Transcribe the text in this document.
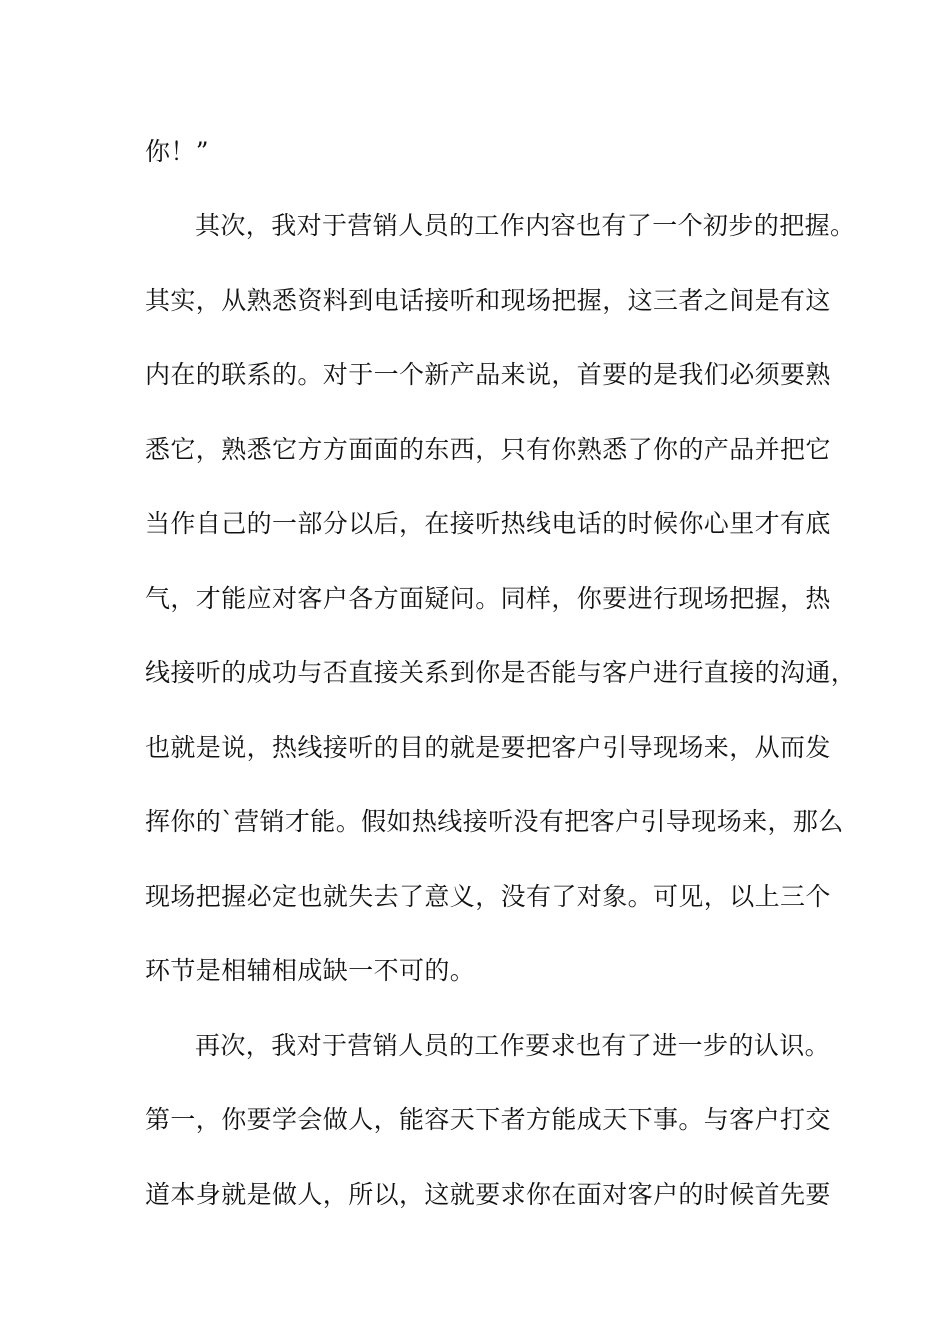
你！”
其次，我对于营销人员的工作内容也有了一个初步的把握。
其实，从熟悉资料到电话接听和现场把握，这三者之间是有这
内在的联系的。对于一个新产品来说，首要的是我们必须要熟
悉它，熟悉它方方面面的东西，只有你熟悉了你的产品并把它
当作自己的一部分以后，在接听热线电话的时候你心里才有底
气，才能应对客户各方面疑问。同样，你要进行现场把握，热
线接听的成功与否直接关系到你是否能与客户进行直接的沟通，
也就是说，热线接听的目的就是要把客户引导现场来，从而发
挥你的`营销才能。假如热线接听没有把客户引导现场来，那么
现场把握必定也就失去了意义，没有了对象。可见，以上三个
环节是相辅相成缺一不可的。
再次，我对于营销人员的工作要求也有了进一步的认识。
第一，你要学会做人，能容天下者方能成天下事。与客户打交
道本身就是做人，所以，这就要求你在面对客户的时候首先要
